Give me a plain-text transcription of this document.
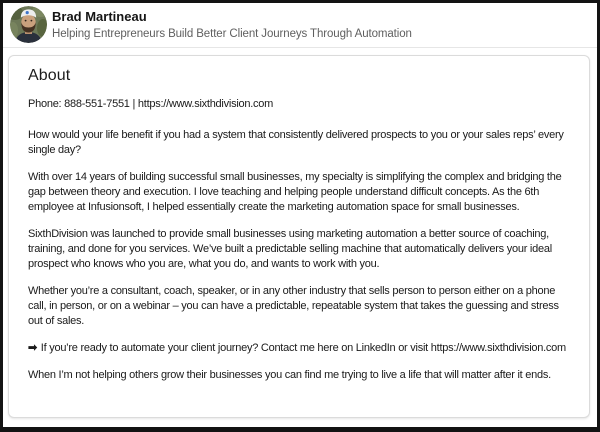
Brad Martineau
Helping Entrepreneurs Build Better Client Journeys Through Automation
About
Phone: 888-551-7551 | https://www.sixthdivision.com

How would your life benefit if you had a system that consistently delivered prospects to you or your sales reps’ every single day?

With over 14 years of building successful small businesses, my specialty is simplifying the complex and bridging the gap between theory and execution. I love teaching and helping people understand difficult concepts. As the 6th employee at Infusionsoft, I helped essentially create the marketing automation space for small businesses.

SixthDivision was launched to provide small businesses using marketing automation a better source of coaching, training, and done for you services. We’ve built a predictable selling machine that automatically delivers your ideal prospect who knows who you are, what you do, and wants to work with you.

Whether you’re a consultant, coach, speaker, or in any other industry that sells person to person either on a phone call, in person, or on a webinar – you can have a predictable, repeatable system that takes the guessing and stress out of sales.

➡ If you’re ready to automate your client journey? Contact me here on LinkedIn or visit https://www.sixthdivision.com

When I’m not helping others grow their businesses you can find me trying to live a life that will matter after it ends.
